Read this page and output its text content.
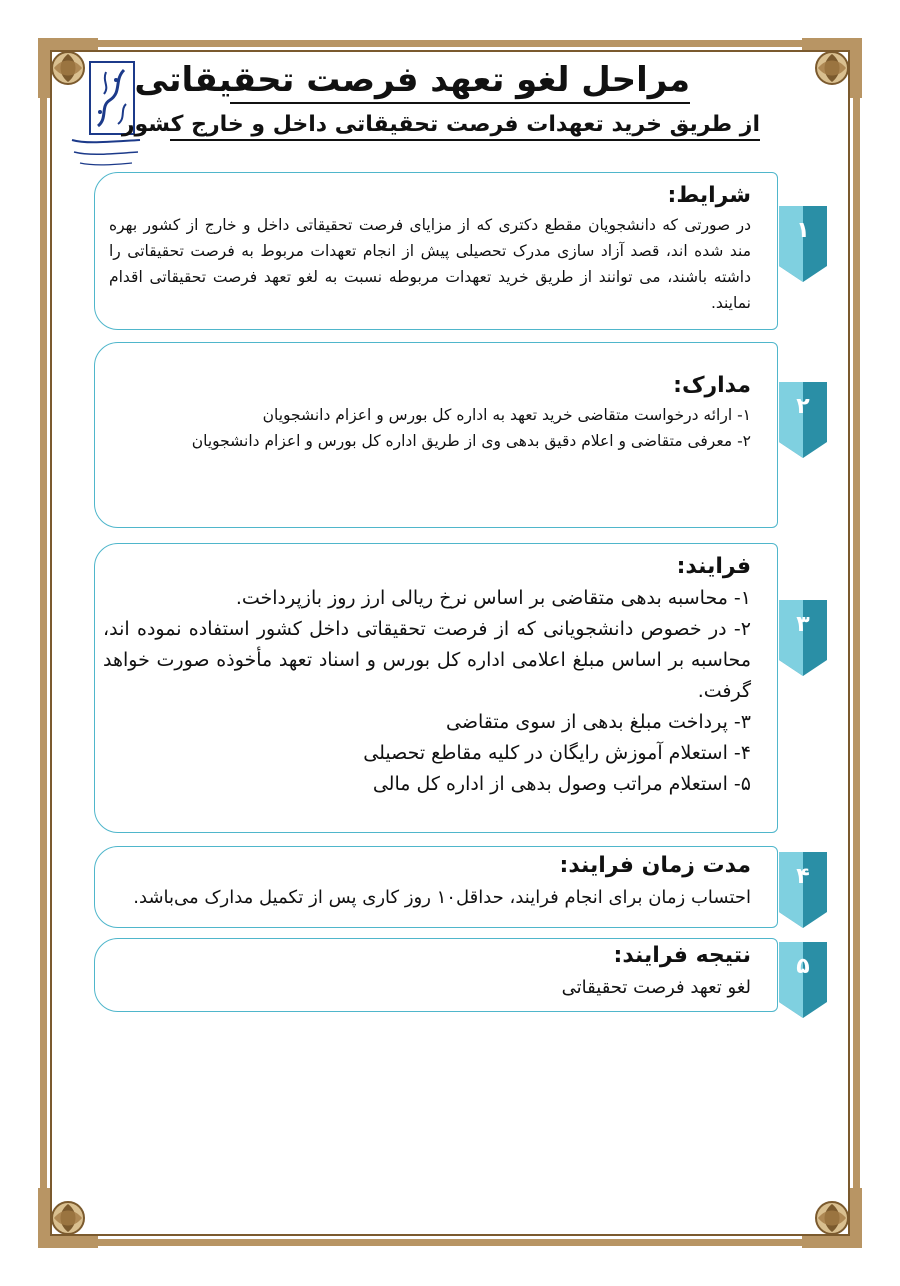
مراحل لغو تعهد فرصت تحقیقاتی
از طریق خرید تعهدات فرصت تحقیقاتی داخل و خارج کشور
شرایط:

در صورتی که دانشجویان مقطع دکتری که از مزایای فرصت تحقیقاتی داخل و خارج از کشور بهره مند شده اند، قصد آزاد سازی مدرک تحصیلی پیش از انجام تعهدات مربوط به فرصت تحقیقاتی را داشته باشند، می توانند از طریق خرید تعهدات مربوطه نسبت به لغو تعهد فرصت تحقیقاتی اقدام نمایند.

۱
مدارک:

۱- ارائه درخواست متقاضی خرید تعهد به اداره کل بورس و اعزام دانشجویان

۲- معرفی متقاضی و اعلام دقیق بدهی وی از طریق اداره کل بورس و اعزام دانشجویان

۲
فرایند:

۱- محاسبه بدهی متقاضی بر اساس نرخ ریالی ارز روز بازپرداخت.

۲- در خصوص دانشجویانی که از فرصت تحقیقاتی داخل کشور استفاده نموده اند، محاسبه بر اساس مبلغ اعلامی اداره کل بورس و اسناد تعهد مأخوذه صورت خواهد گرفت.

۳- پرداخت مبلغ بدهی از سوی متقاضی

۴- استعلام آموزش رایگان در کلیه مقاطع تحصیلی

۵- استعلام مراتب وصول بدهی از اداره کل مالی

۳
مدت زمان فرایند:

احتساب زمان برای انجام فرایند، حداقل۱۰ روز کاری پس از تکمیل مدارک می‌باشد.

۴
نتیجه فرایند:

لغو تعهد فرصت تحقیقاتی

۵
